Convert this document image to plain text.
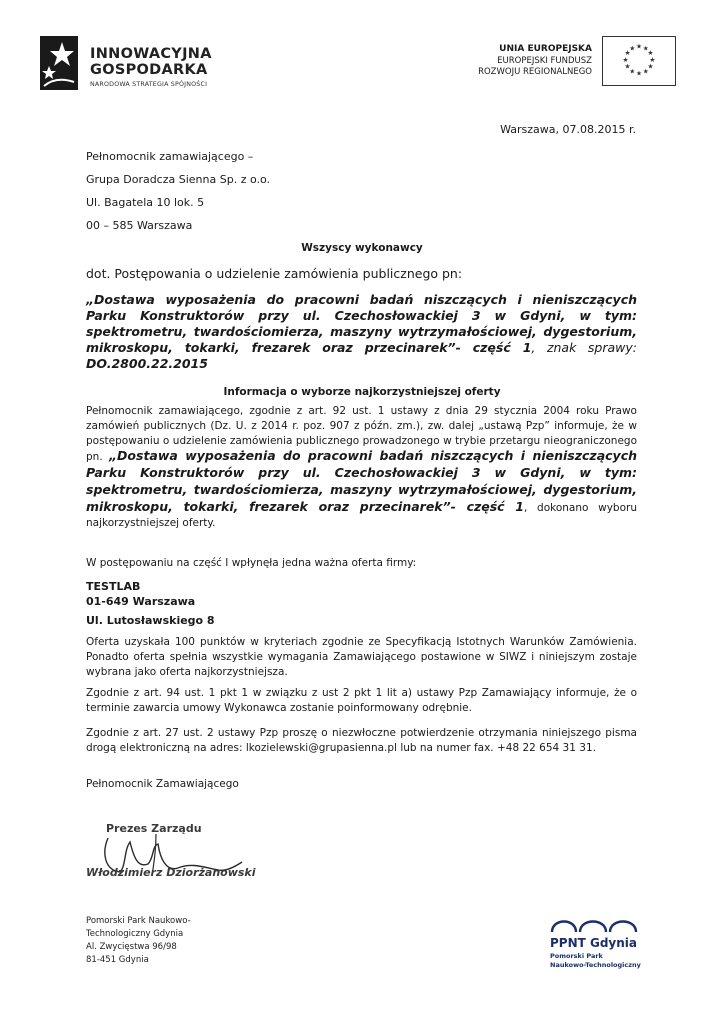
INNOWACYJNA
GOSPODARKA
NARODOWA STRATEGIA SPÓJNOŚCI
UNIA EUROPEJSKA
EUROPEJSKI FUNDUSZ
ROZWOJU REGIONALNEGO
★ ★
★
★
★
★
★
★
★
★
★
★
Warszawa, 07.08.2015 r.
Pełnomocnik zamawiającego –
Grupa Doradcza Sienna Sp. z o.o.
Ul. Bagatela 10 lok. 5
00 – 585 Warszawa
Wszyscy wykonawcy
dot. Postępowania o udzielenie zamówienia publicznego pn:
„Dostawa wyposażenia do pracowni badań niszczących i nieniszczących Parku Konstruktorów przy ul. Czechosłowackiej 3 w Gdyni, w tym: spektrometru, twardościomierza, maszyny wytrzymałościowej, dygestorium, mikroskopu, tokarki, frezarek oraz przecinarek”- część 1, znak sprawy: DO.2800.22.2015
Informacja o wyborze najkorzystniejszej oferty
Pełnomocnik zamawiającego, zgodnie z art. 92 ust. 1 ustawy z dnia 29 stycznia 2004 roku Prawo zamówień publicznych (Dz. U. z 2014 r. poz. 907 z późn. zm.), zw. dalej „ustawą Pzp” informuje, że w postępowaniu o udzielenie zamówienia publicznego prowadzonego w trybie przetargu nieograniczonego pn. „Dostawa wyposażenia do pracowni badań niszczących i nieniszczących Parku Konstruktorów przy ul. Czechosłowackiej 3 w Gdyni, w tym: spektrometru, twardościomierza, maszyny wytrzymałościowej, dygestorium, mikroskopu, tokarki, frezarek oraz przecinarek”- część 1, dokonano wyboru najkorzystniejszej oferty.
W postępowaniu na część I wpłynęła jedna ważna oferta firmy:
TESTLAB
01-649 Warszawa
Ul. Lutosławskiego 8
Oferta uzyskała 100 punktów w kryteriach zgodnie ze Specyfikacją Istotnych Warunków Zamówienia. Ponadto oferta spełnia wszystkie wymagania Zamawiającego postawione w SIWZ i niniejszym zostaje wybrana jako oferta najkorzystniejsza.
Zgodnie z art. 94 ust. 1 pkt 1 w związku z ust 2 pkt 1 lit a) ustawy Pzp Zamawiający informuje, że o terminie zawarcia umowy Wykonawca zostanie poinformowany odrębnie.
Zgodnie z art. 27 ust. 2 ustawy Pzp proszę o niezwłoczne potwierdzenie otrzymania niniejszego pisma drogą elektroniczną na adres: lkozielewski@grupasienna.pl lub na numer fax. +48 22 654 31 31.
Pełnomocnik Zamawiającego
Prezes Zarządu
Włodzimierz Dziorżanowski
Pomorski Park Naukowo-
Technologiczny Gdynia
Al. Zwycięstwa 96/98
81-451 Gdynia
PPNT Gdynia
Pomorski Park
Naukowo-Technologiczny
